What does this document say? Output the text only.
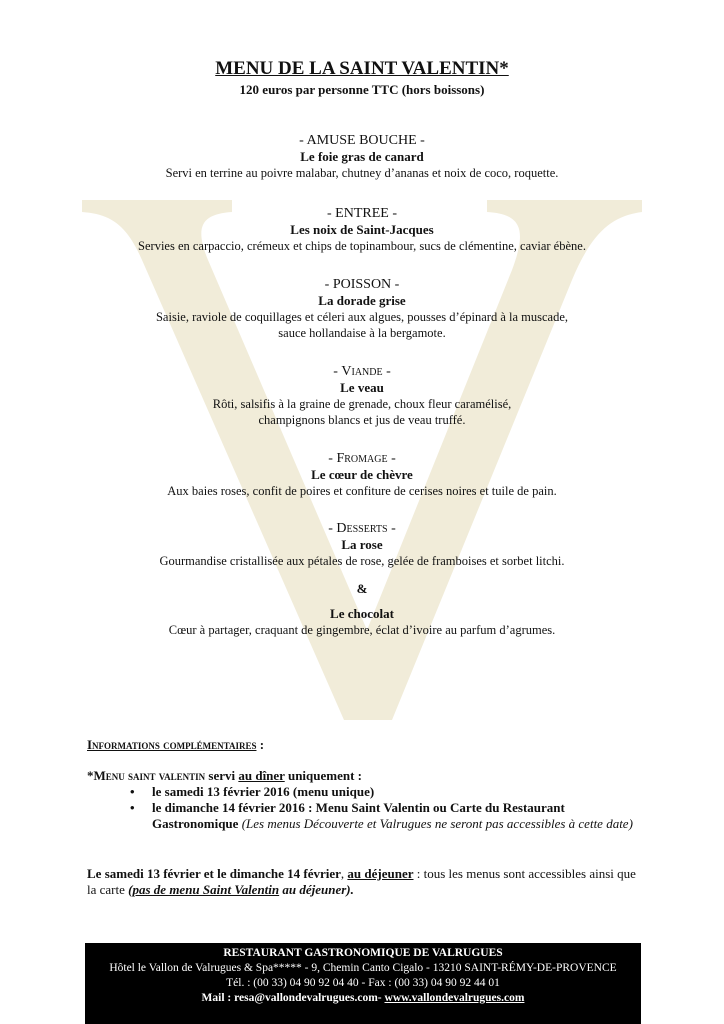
MENU DE LA SAINT VALENTIN*
120 euros par personne TTC (hors boissons)
- AMUSE BOUCHE -
Le foie gras de canard
Servi en terrine au poivre malabar, chutney d’ananas et noix de coco, roquette.
- ENTREE -
Les noix de Saint-Jacques
Servies en carpaccio, crémeux et chips de topinambour, sucs de clémentine, caviar ébène.
- POISSON -
La dorade grise
Saisie, raviole de coquillages et céleri aux algues, pousses d’épinard à la muscade,
sauce hollandaise à la bergamote.
- Viande -
Le veau
Rôti, salsifis à la graine de grenade, choux fleur caramélisé,
champignons blancs et jus de veau truffé.
- Fromage -
Le cœur de chèvre
Aux baies roses, confit de poires et confiture de cerises noires et tuile de pain.
- Desserts -
La rose
Gourmandise cristallisée aux pétales de rose, gelée de framboises et sorbet litchi.
&
Le chocolat
Cœur à partager, craquant de gingembre, éclat d’ivoire au parfum d’agrumes.
Informations complémentaires :
*Menu saint valentin servi au dîner uniquement :
• le samedi 13 février 2016 (menu unique)
• le dimanche 14 février 2016 : Menu Saint Valentin ou Carte du Restaurant Gastronomique (Les menus Découverte et Valrugues ne seront pas accessibles à cette date)
Le samedi 13 février et le dimanche 14 février, au déjeuner : tous les menus sont accessibles ainsi que la carte (pas de menu Saint Valentin au déjeuner).
RESTAURANT GASTRONOMIQUE DE VALRUGUES
Hôtel le Vallon de Valrugues & Spa***** - 9, Chemin Canto Cigalo - 13210 SAINT-RÉMY-DE-PROVENCE
Tél. : (00 33) 04 90 92 04 40 - Fax : (00 33) 04 90 92 44 01
Mail : resa@vallondevalrugues.com- www.vallondevalrugues.com
